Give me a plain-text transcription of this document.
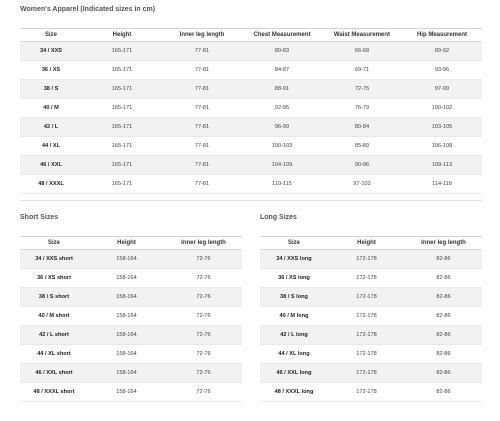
Women's Apparel (Indicated sizes in cm)
Size	Height	Inner leg length	Chest Measurement	Waist Measurement	Hip Measurement
34 / XXS	165-171	77-81	80-83	66-68	89-92
36 / XS	165-171	77-81	84-87	69-71	93-96
38 / S	165-171	77-81	88-91	72-75	97-99
40 / M	165-171	77-81	92-95	76-79	100-102
42 / L	165-171	77-81	96-99	80-84	103-105
44 / XL	165-171	77-81	100-103	85-89	106-108
46 / XXL	165-171	77-81	104-109	90-96	109-113
48 / XXXL	165-171	77-81	110-115	97-102	114-118
Short Sizes
Size	Height	Inner leg length
34 / XXS short	158-164	72-76
36 / XS short	158-164	72-76
38 / S short	158-164	72-76
40 / M short	158-164	72-76
42 / L short	158-164	72-76
44 / XL short	158-164	72-76
46 / XXL short	158-164	72-76
48 / XXXL short	158-164	72-76
Long Sizes
Size	Height	Inner leg length
34 / XXS long	172-178	82-86
36 / XS long	172-178	82-86
38 / S long	172-178	82-86
40 / M long	172-178	82-86
42 / L long	172-178	82-86
44 / XL long	172-178	82-86
46 / XXL long	172-178	82-86
48 / XXXL long	172-178	82-86
